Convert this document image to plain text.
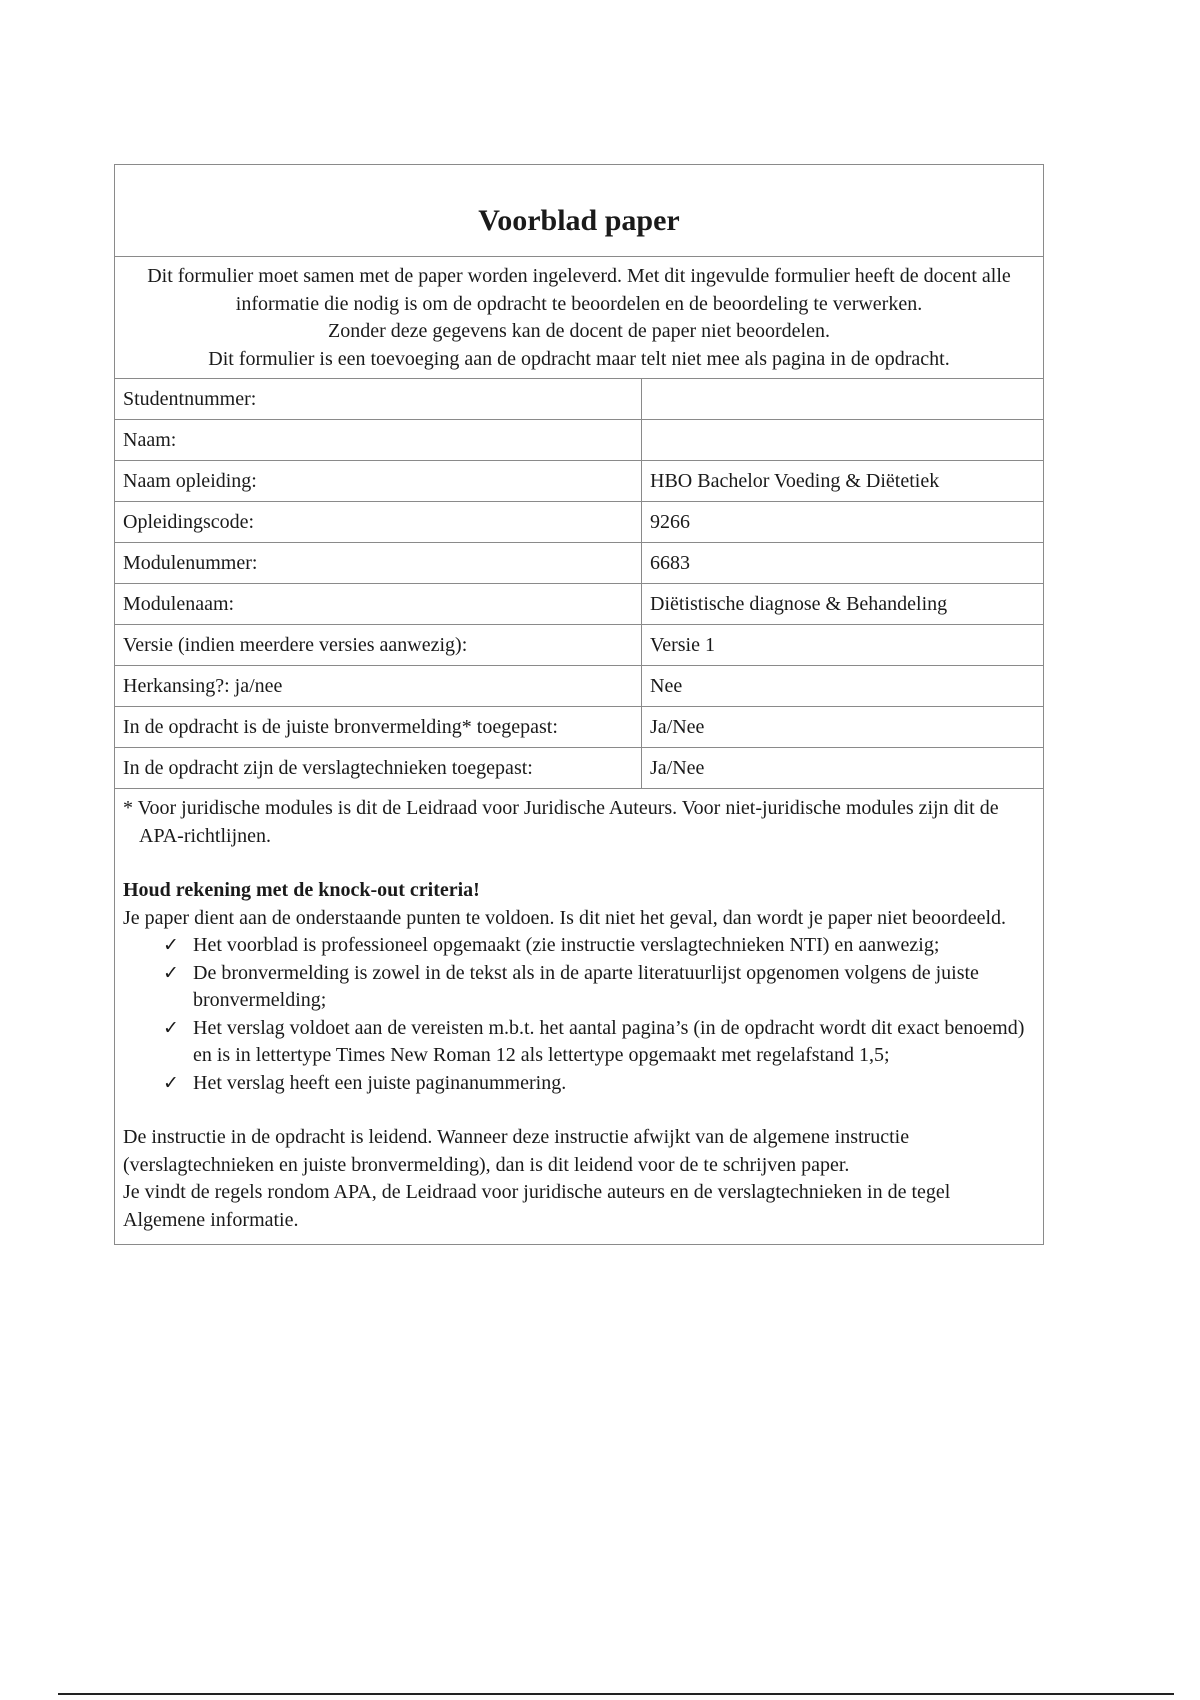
Voorblad paper

Dit formulier moet samen met de paper worden ingeleverd. Met dit ingevulde formulier heeft de docent alle informatie die nodig is om de opdracht te beoordelen en de beoordeling te verwerken.

Zonder deze gegevens kan de docent de paper niet beoordelen.

Dit formulier is een toevoeging aan de opdracht maar telt niet mee als pagina in de opdracht.

Studentnummer:	
Naam:	
Naam opleiding:	HBO Bachelor Voeding & Diëtetiek
Opleidingscode:	9266
Modulenummer:	6683
Modulenaam:	Diëtistische diagnose & Behandeling
Versie (indien meerdere versies aanwezig):	Versie 1
Herkansing?: ja/nee	Nee
In de opdracht is de juiste bronvermelding* toegepast:	Ja/Nee
In de opdracht zijn de verslagtechnieken toegepast:	Ja/Nee

* Voor juridische modules is dit de Leidraad voor Juridische Auteurs. Voor niet-juridische modules zijn dit de APA-richtlijnen.

Houd rekening met de knock-out criteria!

Je paper dient aan de onderstaande punten te voldoen. Is dit niet het geval, dan wordt je paper niet beoordeeld.

✓ Het voorblad is professioneel opgemaakt (zie instructie verslagtechnieken NTI) en aanwezig;
✓ De bronvermelding is zowel in de tekst als in de aparte literatuurlijst opgenomen volgens de juiste bronvermelding;
✓ Het verslag voldoet aan de vereisten m.b.t. het aantal pagina’s (in de opdracht wordt dit exact benoemd) en is in lettertype Times New Roman 12 als lettertype opgemaakt met regelafstand 1,5;
✓ Het verslag heeft een juiste paginanummering.

De instructie in de opdracht is leidend. Wanneer deze instructie afwijkt van de algemene instructie (verslagtechnieken en juiste bronvermelding), dan is dit leidend voor de te schrijven paper.

Je vindt de regels rondom APA, de Leidraad voor juridische auteurs en de verslagtechnieken in de tegel Algemene informatie.
